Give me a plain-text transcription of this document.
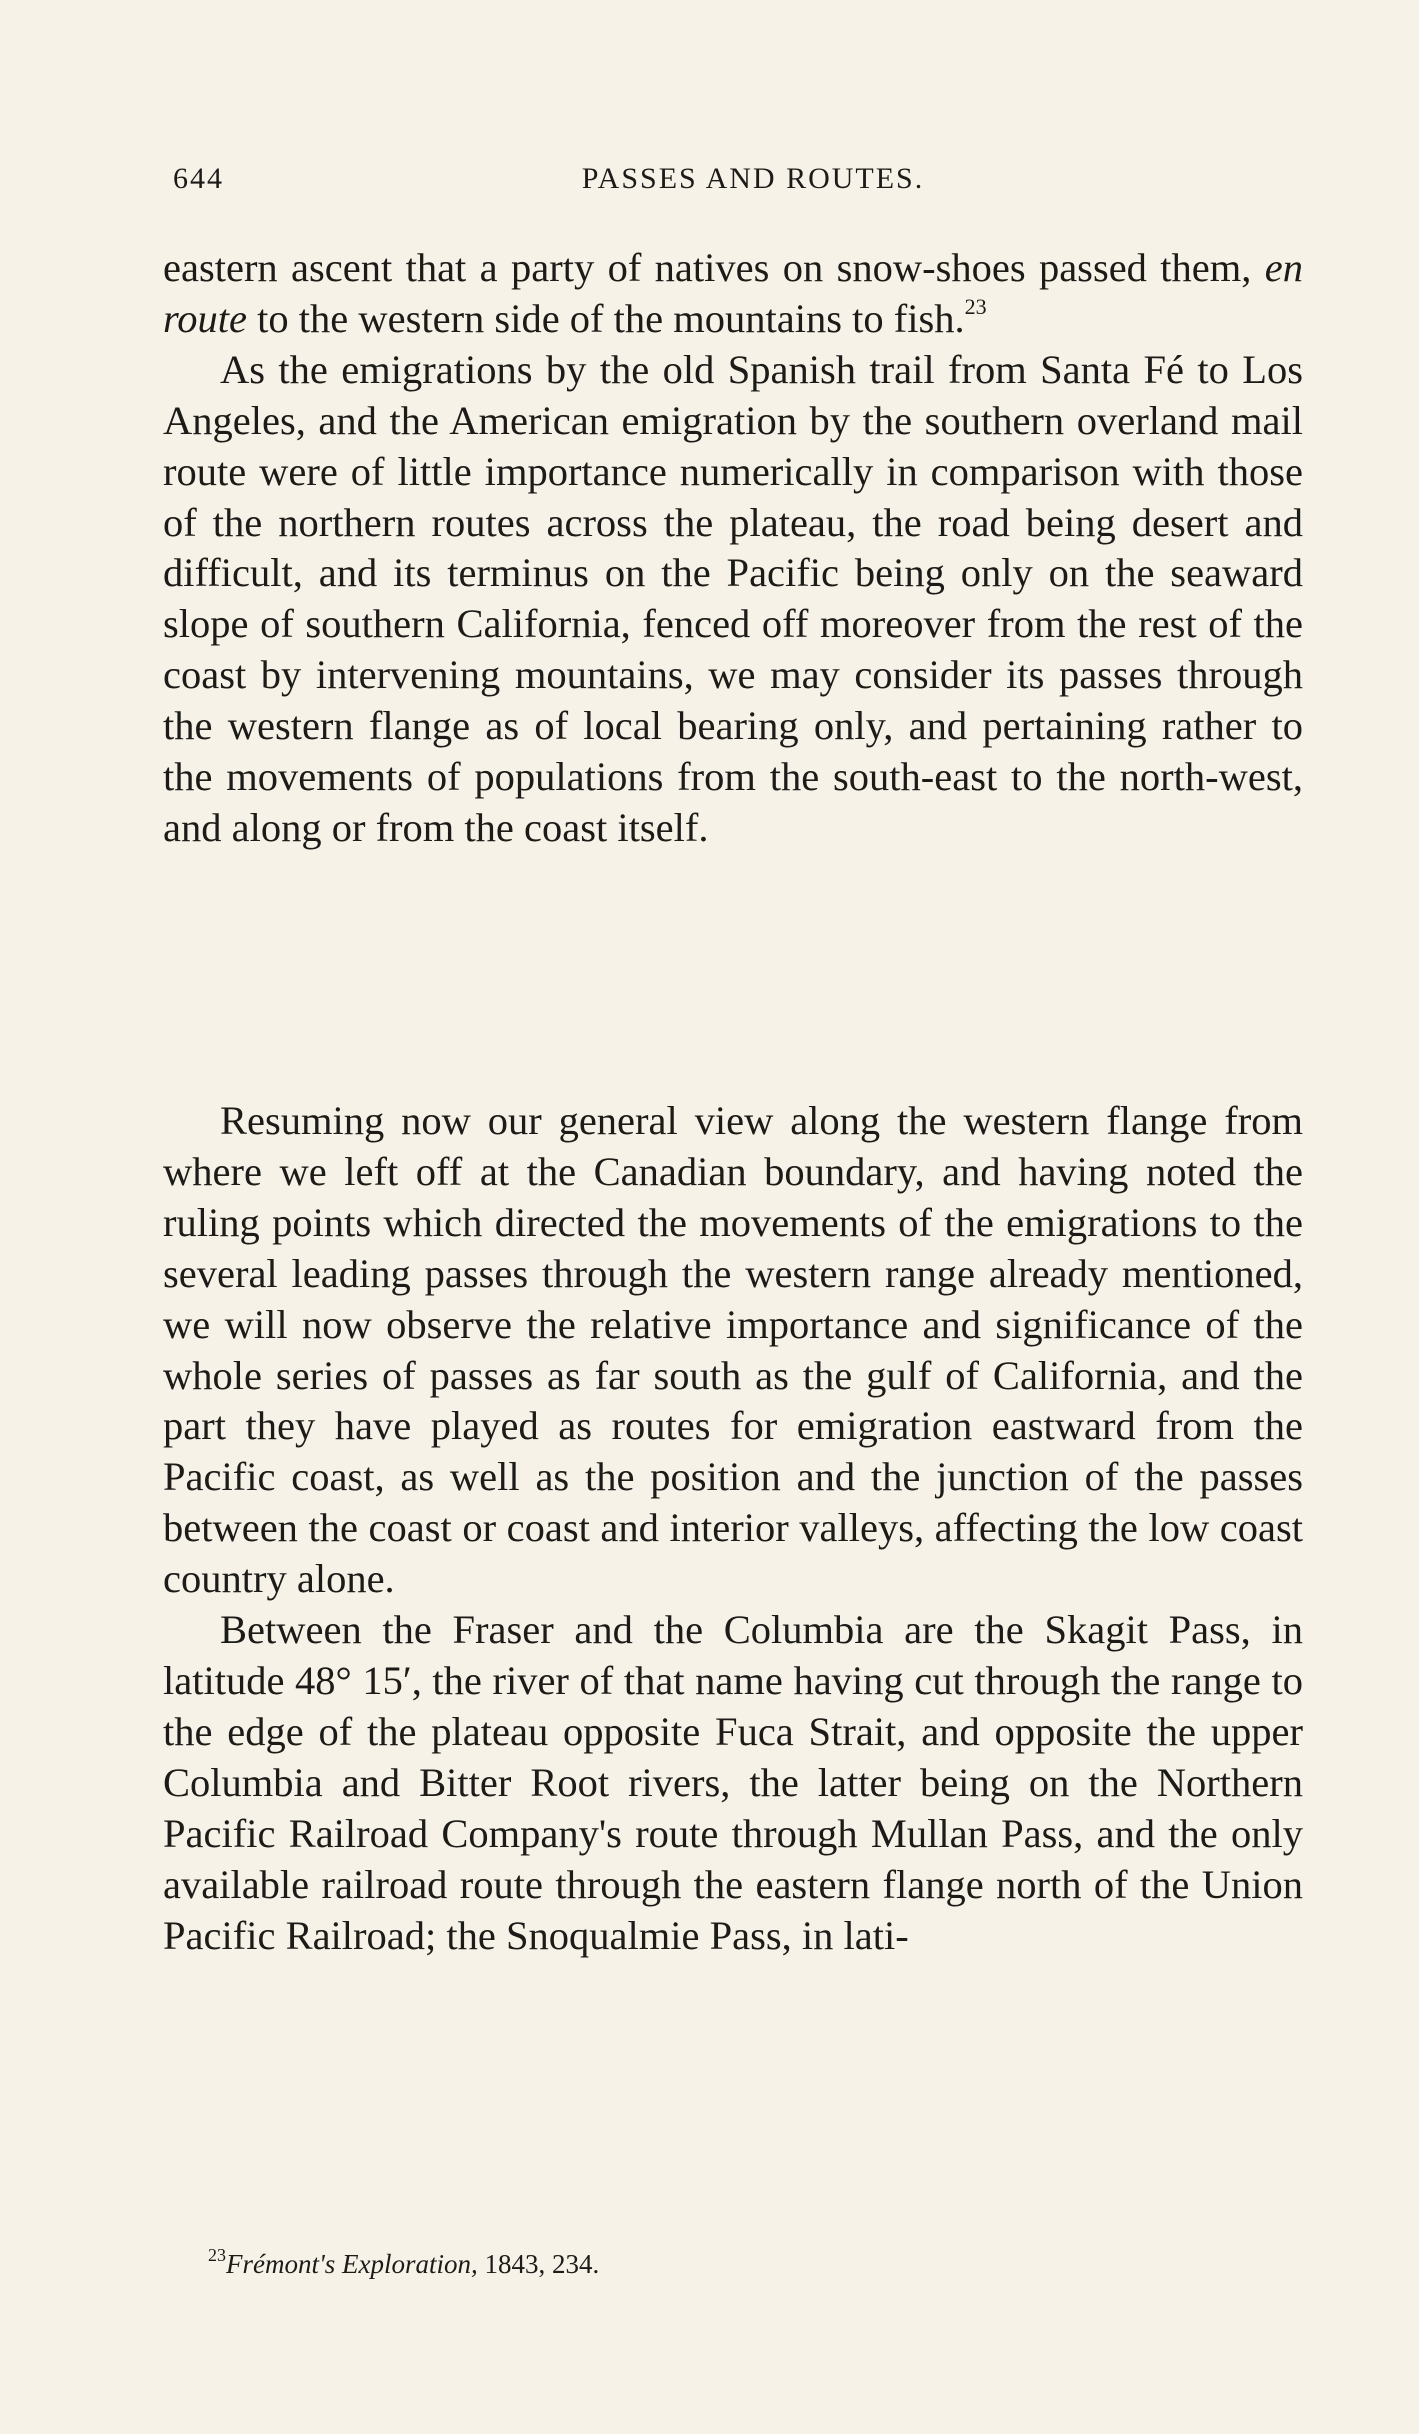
644	PASSES AND ROUTES.

eastern ascent that a party of natives on snow-shoes passed them, en route to the western side of the mountains to fish.$^{23}$

As the emigrations by the old Spanish trail from Santa Fé to Los Angeles, and the American emigration by the southern overland mail route were of little importance numerically in comparison with those of the northern routes across the plateau, the road being desert and difficult, and its terminus on the Pacific being only on the seaward slope of southern California, fenced off moreover from the rest of the coast by intervening mountains, we may consider its passes through the western flange as of local bearing only, and pertaining rather to the movements of populations from the south-east to the north-west, and along or from the coast itself.

Resuming now our general view along the western flange from where we left off at the Canadian boundary, and having noted the ruling points which directed the movements of the emigrations to the several leading passes through the western range already mentioned, we will now observe the relative importance and significance of the whole series of passes as far south as the gulf of California, and the part they have played as routes for emigration eastward from the Pacific coast, as well as the position and the junction of the passes between the coast or coast and interior valleys, affecting the low coast country alone.

Between the Fraser and the Columbia are the Skagit Pass, in latitude 48° 15′, the river of that name having cut through the range to the edge of the plateau opposite Fuca Strait, and opposite the upper Columbia and Bitter Root rivers, the latter being on the Northern Pacific Railroad Company's route through Mullan Pass, and the only available railroad route through the eastern flange north of the Union Pacific Railroad; the Snoqualmie Pass, in lati-

$^{23}$Frémont's Exploration, 1843, 234.
